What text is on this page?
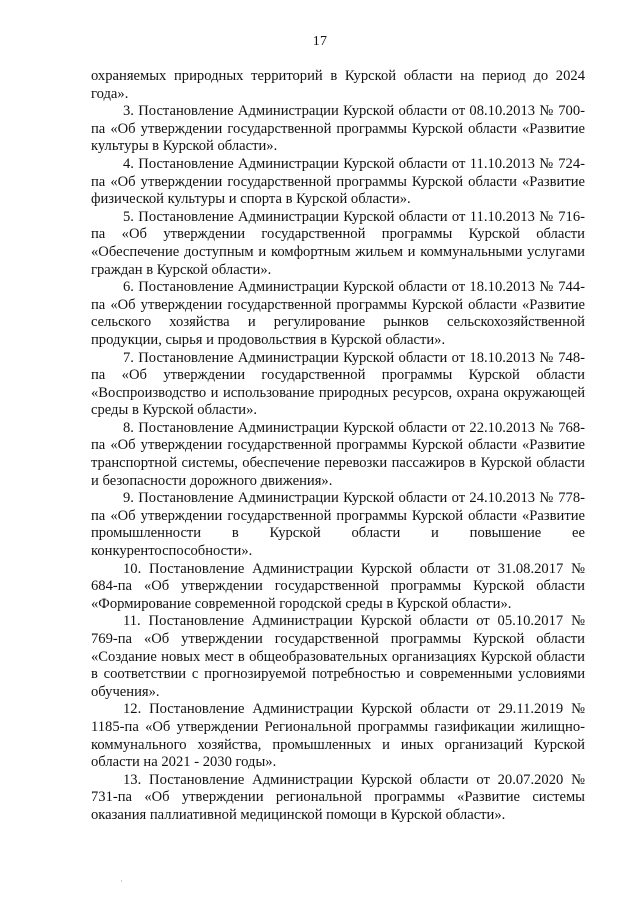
17

охраняемых природных территорий в Курской области на период до 2024 года».

3. Постановление Администрации Курской области от 08.10.2013 № 700-па «Об утверждении государственной программы Курской области «Развитие культуры в Курской области».

4. Постановление Администрации Курской области от 11.10.2013 № 724-па «Об утверждении государственной программы Курской области «Развитие физической культуры и спорта в Курской области».

5. Постановление Администрации Курской области от 11.10.2013 № 716-па «Об утверждении государственной программы Курской области «Обеспечение доступным и комфортным жильем и коммунальными услугами граждан в Курской области».

6. Постановление Администрации Курской области от 18.10.2013 № 744-па «Об утверждении государственной программы Курской области «Развитие сельского хозяйства и регулирование рынков сельскохозяйственной продукции, сырья и продовольствия в Курской области».

7. Постановление Администрации Курской области от 18.10.2013 № 748-па «Об утверждении государственной программы Курской области «Воспроизводство и использование природных ресурсов, охрана окружающей среды в Курской области».

8. Постановление Администрации Курской области от 22.10.2013 № 768-па «Об утверждении государственной программы Курской области «Развитие транспортной системы, обеспечение перевозки пассажиров в Курской области и безопасности дорожного движения».

9. Постановление Администрации Курской области от 24.10.2013 № 778-па «Об утверждении государственной программы Курской области «Развитие промышленности в Курской области и повышение ее конкурентоспособности».

10. Постановление Администрации Курской области от 31.08.2017 № 684-па «Об утверждении государственной программы Курской области «Формирование современной городской среды в Курской области».

11. Постановление Администрации Курской области от 05.10.2017 № 769-па «Об утверждении государственной программы Курской области «Создание новых мест в общеобразовательных организациях Курской области в соответствии с прогнозируемой потребностью и современными условиями обучения».

12. Постановление Администрации Курской области от 29.11.2019 № 1185-па «Об утверждении Региональной программы газификации жилищно-коммунального хозяйства, промышленных и иных организаций Курской области на 2021 - 2030 годы».

13. Постановление Администрации Курской области от 20.07.2020 № 731-па «Об утверждении региональной программы «Развитие системы оказания паллиативной медицинской помощи в Курской области».

·
